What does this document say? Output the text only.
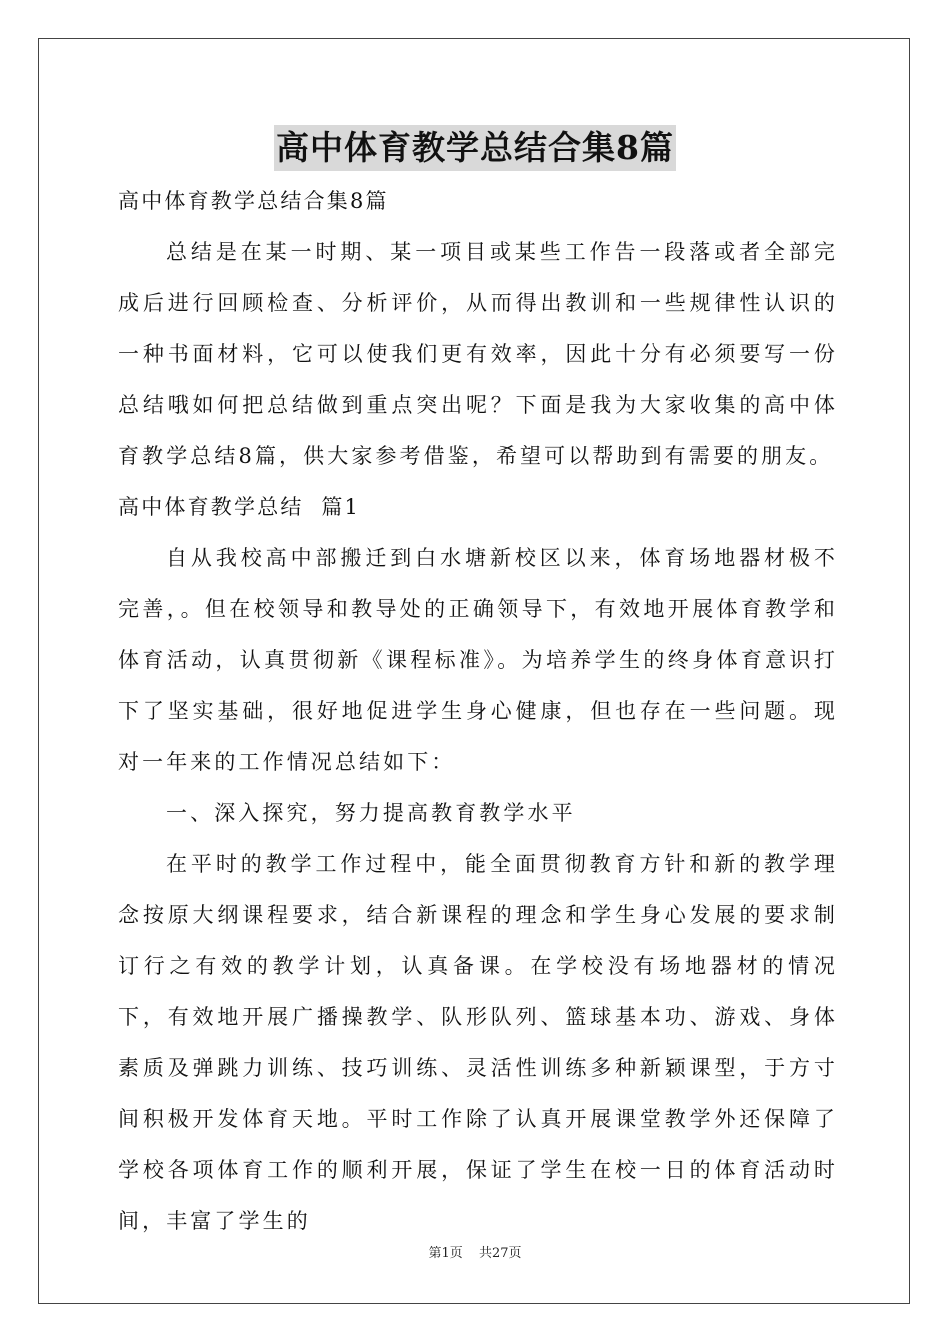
高中体育教学总结合集8篇
高中体育教学总结合集8篇

总结是在某一时期、某一项目或某些工作告一段落或者全部完成后进行回顾检查、分析评价，从而得出教训和一些规律性认识的一种书面材料，它可以使我们更有效率，因此十分有必须要写一份总结哦如何把总结做到重点突出呢？下面是我为大家收集的高中体育教学总结8篇，供大家参考借鉴，希望可以帮助到有需要的朋友。

高中体育教学总结  篇1

自从我校高中部搬迁到白水塘新校区以来，体育场地器材极不完善，。但在校领导和教导处的正确领导下，有效地开展体育教学和体育活动，认真贯彻新《课程标准》。为培养学生的终身体育意识打下了坚实基础，很好地促进学生身心健康，但也存在一些问题。现对一年来的工作情况总结如下：

一、深入探究，努力提高教育教学水平

在平时的教学工作过程中，能全面贯彻教育方针和新的教学理念按原大纲课程要求，结合新课程的理念和学生身心发展的要求制订行之有效的教学计划，认真备课。在学校没有场地器材的情况下，有效地开展广播操教学、队形队列、篮球基本功、游戏、身体素质及弹跳力训练、技巧训练、灵活性训练多种新颖课型，于方寸间积极开发体育天地。平时工作除了认真开展课堂教学外还保障了学校各项体育工作的顺利开展，保证了学生在校一日的体育活动时间，丰富了学生的

第1页 共27页
